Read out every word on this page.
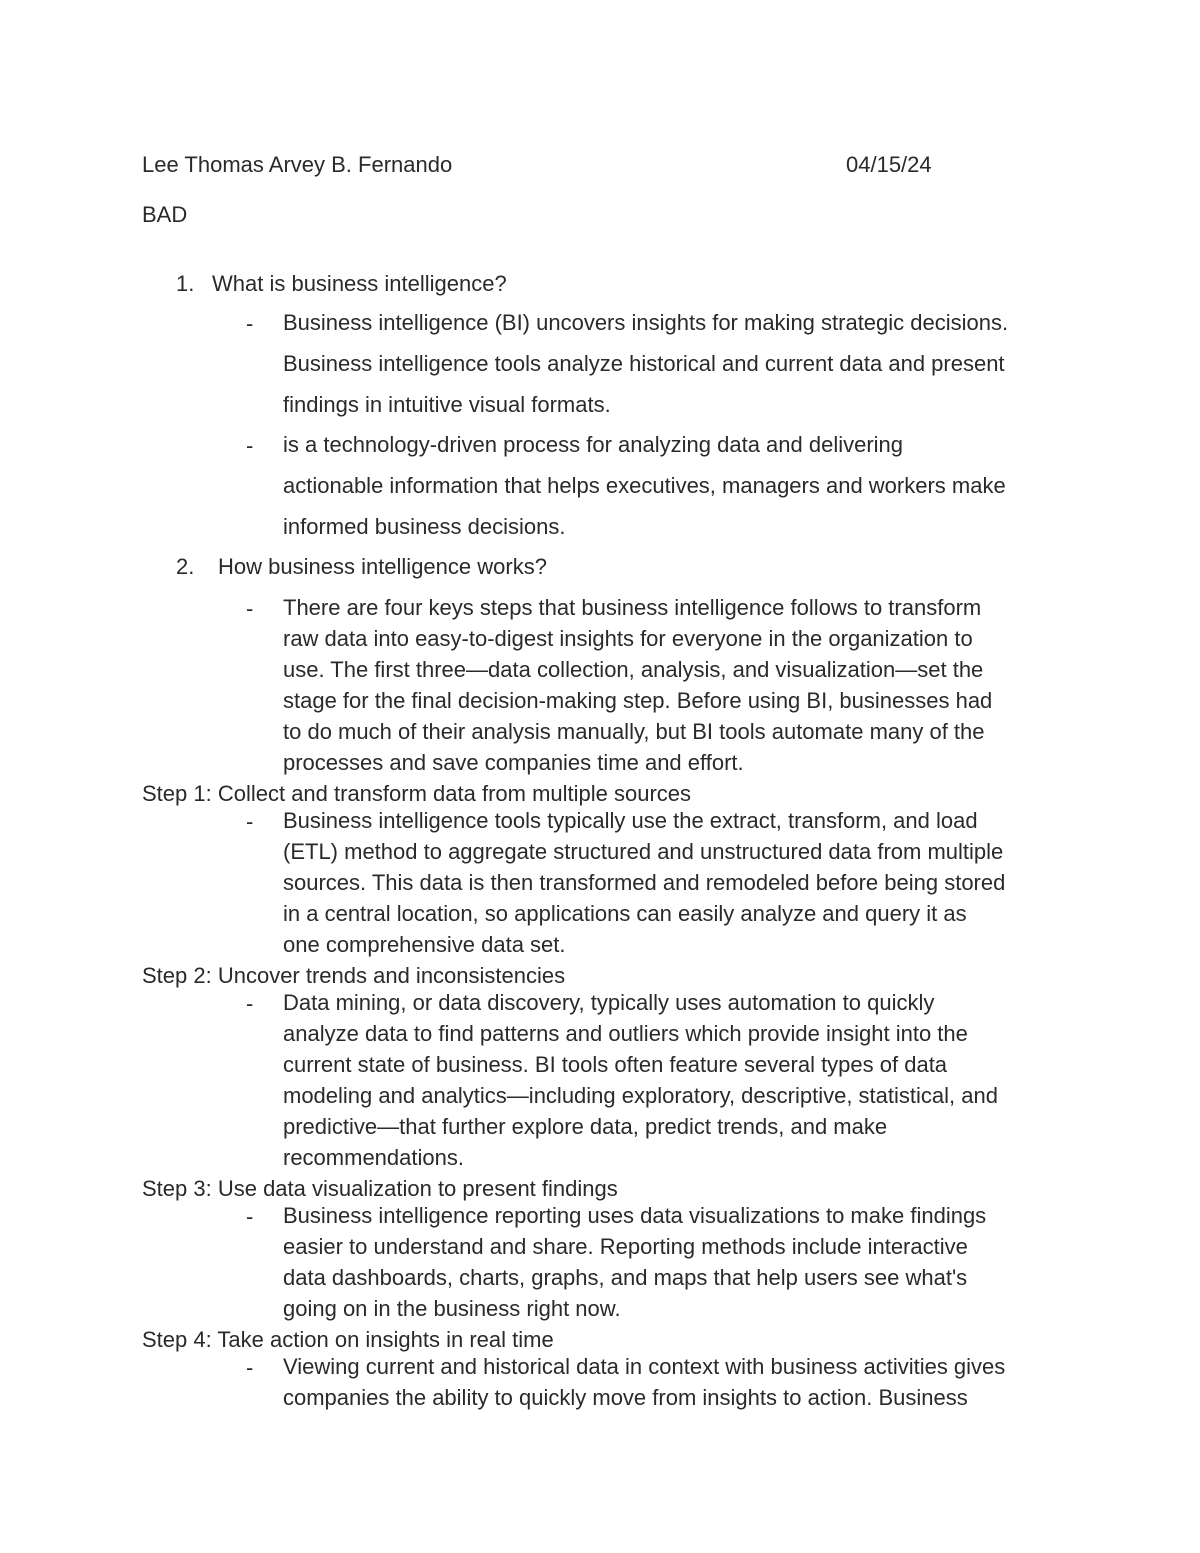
Lee Thomas Arvey B. Fernando	04/15/24
BAD
1. What is business intelligence?
- Business intelligence (BI) uncovers insights for making strategic decisions.
Business intelligence tools analyze historical and current data and present
findings in intuitive visual formats.
- is a technology-driven process for analyzing data and delivering
actionable information that helps executives, managers and workers make
informed business decisions.
2. How business intelligence works?
- There are four keys steps that business intelligence follows to transform
raw data into easy-to-digest insights for everyone in the organization to
use. The first three—data collection, analysis, and visualization—set the
stage for the final decision-making step. Before using BI, businesses had
to do much of their analysis manually, but BI tools automate many of the
processes and save companies time and effort.
Step 1: Collect and transform data from multiple sources
- Business intelligence tools typically use the extract, transform, and load
(ETL) method to aggregate structured and unstructured data from multiple
sources. This data is then transformed and remodeled before being stored
in a central location, so applications can easily analyze and query it as
one comprehensive data set.
Step 2: Uncover trends and inconsistencies
- Data mining, or data discovery, typically uses automation to quickly
analyze data to find patterns and outliers which provide insight into the
current state of business. BI tools often feature several types of data
modeling and analytics—including exploratory, descriptive, statistical, and
predictive—that further explore data, predict trends, and make
recommendations.
Step 3: Use data visualization to present findings
- Business intelligence reporting uses data visualizations to make findings
easier to understand and share. Reporting methods include interactive
data dashboards, charts, graphs, and maps that help users see what's
going on in the business right now.
Step 4: Take action on insights in real time
- Viewing current and historical data in context with business activities gives
companies the ability to quickly move from insights to action. Business
